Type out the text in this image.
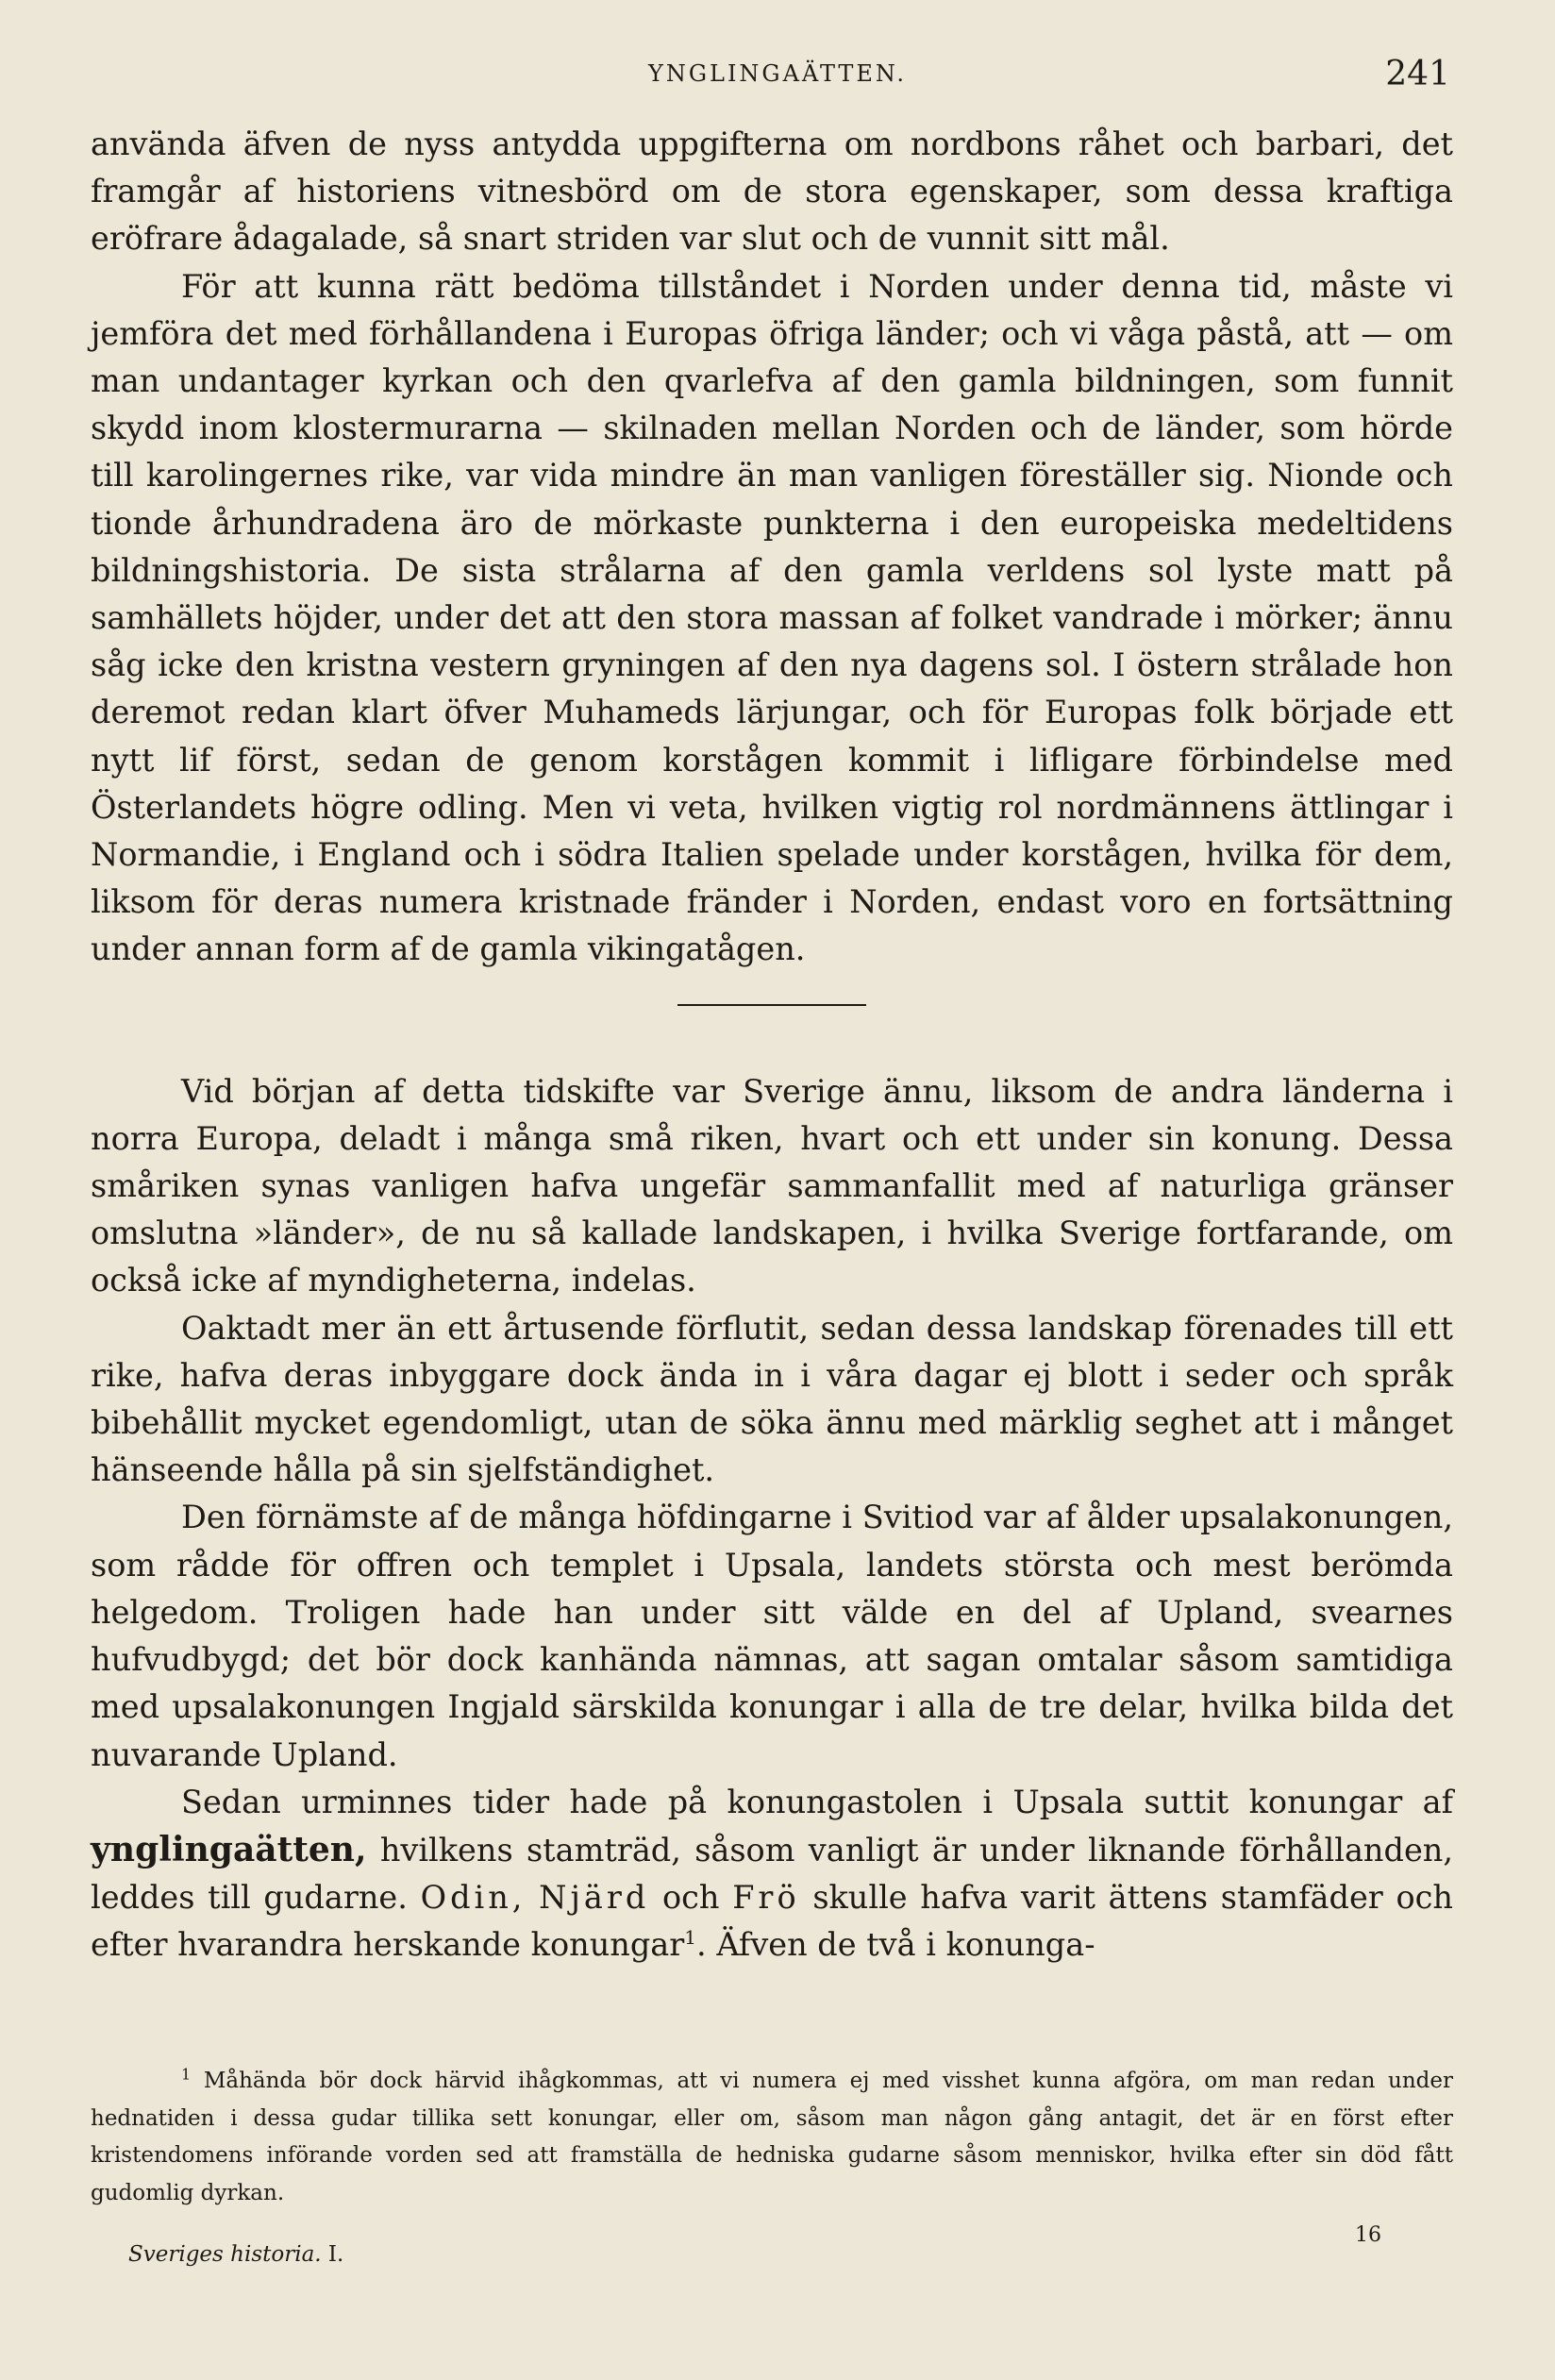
YNGLINGAÄTTEN.	241

använda äfven de nyss antydda uppgifterna om nordbons råhet och barbari, det framgår af historiens vitnesbörd om de stora egenskaper, som dessa kraftiga eröfrare ådagalade, så snart striden var slut och de vunnit sitt mål.

För att kunna rätt bedöma tillståndet i Norden under denna tid, måste vi jemföra det med förhållandena i Europas öfriga länder; och vi våga påstå, att — om man undantager kyrkan och den qvarlefva af den gamla bildningen, som funnit skydd inom klostermurarna — skilnaden mellan Norden och de länder, som hörde till karolingernes rike, var vida mindre än man vanligen föreställer sig. Nionde och tionde århundradena äro de mörkaste punkterna i den europeiska medeltidens bildningshistoria. De sista strålarna af den gamla verldens sol lyste matt på samhällets höjder, under det att den stora massan af folket vandrade i mörker; ännu såg icke den kristna vestern gryningen af den nya dagens sol. I östern strålade hon deremot redan klart öfver Muhameds lärjungar, och för Europas folk började ett nytt lif först, sedan de genom korstågen kommit i lifligare förbindelse med Österlandets högre odling. Men vi veta, hvilken vigtig rol nordmännens ättlingar i Normandie, i England och i södra Italien spelade under korstågen, hvilka för dem, liksom för deras numera kristnade fränder i Norden, endast voro en fortsättning under annan form af de gamla vikingatågen.

Vid början af detta tidskifte var Sverige ännu, liksom de andra länderna i norra Europa, deladt i många små riken, hvart och ett under sin konung. Dessa småriken synas vanligen hafva ungefär sammanfallit med af naturliga gränser omslutna »länder», de nu så kallade landskapen, i hvilka Sverige fortfarande, om också icke af myndigheterna, indelas.

Oaktadt mer än ett årtusende förflutit, sedan dessa landskap förenades till ett rike, hafva deras inbyggare dock ända in i våra dagar ej blott i seder och språk bibehållit mycket egendomligt, utan de söka ännu med märklig seghet att i månget hänseende hålla på sin sjelfständighet.

Den förnämste af de många höfdingarne i Svitiod var af ålder upsalakonungen, som rådde för offren och templet i Upsala, landets största och mest berömda helgedom. Troligen hade han under sitt välde en del af Upland, svearnes hufvudbygd; det bör dock kanhända nämnas, att sagan omtalar såsom samtidiga med upsalakonungen Ingjald särskilda konungar i alla de tre delar, hvilka bilda det nuvarande Upland.

Sedan urminnes tider hade på konungastolen i Upsala suttit konungar af ynglingaätten, hvilkens stamträd, såsom vanligt är under liknande förhållanden, leddes till gudarne. Odin, Njärd och Frö skulle hafva varit ättens stamfäder och efter hvarandra herskande konungar$^1$. Äfven de två i konunga-

$^1$ Måhända bör dock härvid ihågkommas, att vi numera ej med visshet kunna afgöra, om man redan under hednatiden i dessa gudar tillika sett konungar, eller om, såsom man någon gång antagit, det är en först efter kristendomens införande vorden sed att framställa de hedniska gudarne såsom menniskor, hvilka efter sin död fått gudomlig dyrkan.
Sveriges historia. I.
16
